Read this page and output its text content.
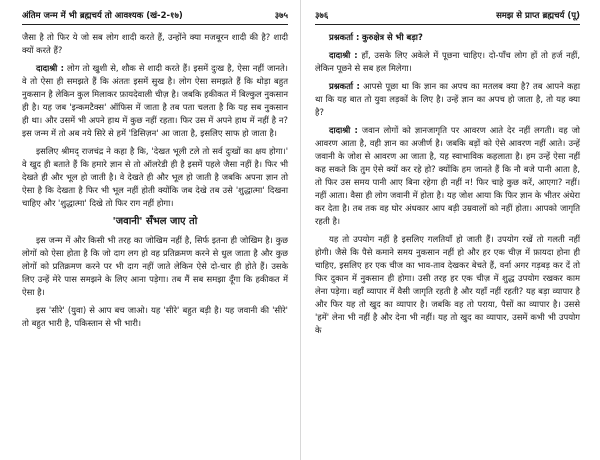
अंतिम जन्म में भी ब्रह्मचर्य तो आवश्यक (खं-2-१७)	३७५

जैसा है तो फिर ये जो सब लोग शादी करते हैं, उन्होंने क्या मजबूरन शादी की है? शादी क्यों करते हैं?

दादाश्री : लोग तो खुशी से, शौक से शादी करते हैं। इसमें दुःख है, ऐसा नहीं जानते। वे तो ऐसा ही समझते हैं कि अंततः इसमें सुख है। लोग ऐसा समझते हैं कि थोड़ा बहुत नुकसान है लेकिन कुल मिलाकर फ़ायदेवाली चीज़ है। जबकि हकीकत में बिल्कुल नुकसान ही है। यह जब 'इन्कमटैक्स' ऑफिस में जाता है तब पता चलता है कि यह सब नुकसान ही था। और उसमें भी अपने हाथ में कुछ नहीं रहता। फिर उस में अपने हाथ में नहीं है न? इस जन्म में तो अब नये सिरे से हमें 'डिसिज़न' आ जाता है, इसलिए साफ हो जाता है।

इसलिए श्रीमद् राजचंद्र ने कहा है कि, 'देखत भूली टले तो सर्व दुःखों का क्षय होगा।' वे खुद ही बताते हैं कि हमारे ज्ञान से तो ऑलरेडी ही है इसमें पहले जैसा नहीं है। फिर भी देखते ही और भूल हो जाती है। वे देखते ही और भूल हो जाती है जबकि अपना ज्ञान तो ऐसा है कि देखता है फिर भी भूल नहीं होती क्योंकि जब देखे तब उसे 'शुद्धात्मा' दिखना चाहिए और 'शुद्धात्मा' दिखे तो फिर राग नहीं होगा।

'जवानी' सँभल जाए तो

इस जन्म में और किसी भी तरह का जोखिम नहीं है, सिर्फ इतना ही जोखिम है। कुछ लोगों को ऐसा होता है कि जो दाग लग हो वह प्रतिक्रमण करने से धुल जाता है और कुछ लोगों को प्रतिक्रमण करने पर भी दाग नहीं जाते लेकिन ऐसे दो-चार ही होते हैं। उसके लिए उन्हें मेरे पास समझने के लिए आना पड़ेगा। तब मैं सब समझा दूँगा कि हकीकत में ऐसा है।

इस 'सीरे' (युवा) से आप बच जाओ। यह 'सीरे' बहुत बड़ी है। यह जवानी की 'सीरे' तो बहुत भारी है, पकिस्तान से भी भारी।

३७६	समझ से प्राप्त ब्रह्मचर्य (पू)

प्रश्नकर्ता : कुरुक्षेत्र से भी बड़ा?

दादाश्री : हाँ, उसके लिए अकेले में पूछना चाहिए। दो-पाँच लोग हों तो हर्ज नहीं, लेकिन पूछने से सब हल मिलेगा।

प्रश्नकर्ता : आपसे पूछा था कि ज्ञान का अपच का मतलब क्या है? तब आपने कहा था कि यह बात तो युवा लड़कों के लिए है। उन्हें ज्ञान का अपच हो जाता है, तो यह क्या है?

दादाश्री : जवान लोगों को ज्ञानजागृति पर आवरण आते देर नहीं लगती। वह जो आवरण आता है, वही ज्ञान का अजीर्ण है। जबकि बड़ों को ऐसे आवरण नहीं आते। उन्हें जवानी के जोश से आवरण आ जाता है, यह स्वाभाविक कहलाता है। हम उन्हें ऐसा नहीं कह सकते कि तुम ऐसे क्यों कर रहे हो? क्योंकि हम जानते हैं कि नौ बजे पानी आता है, तो फिर उस समय पानी आए बिना रहेगा ही नहीं न! फिर चाहे कुछ करें, आएगा? नहीं। नहीं आता। वैसा ही लोग जवानी में होता है। यह जोश आया कि फिर ज्ञान के भीतर अंधेरा कर देता है। तब तक वह घोर अंधकार आप बड़ी उम्रवालों को नहीं होता। आपको जागृति रहती है।

यह तो उपयोग नहीं है इसलिए गलतियाँ हो जाती हैं। उपयोग रखें तो गलती नहीं होगी। जैसे कि पैसे कमाने समय नुकसान नहीं हो और हर एक चीज़ में फ़ायदा होना ही चाहिए, इसलिए हर एक चीज का भाव-ताव देखकर बेचते हैं, वर्ना अगर गड़बड़ कर दें तो फिर दुकान में नुकसान ही होगा। उसी तरह हर एक चीज़ में शुद्ध उपयोग रखकर काम लेना पड़ेगा। वहाँ व्यापार में वैसी जागृति रहती है और यहाँ नहीं रहती? यह बड़ा व्यापार है और फिर यह तो खुद का व्यापार है। जबकि वह तो पराया, पैसों का व्यापार है। उससे 'हमें' लेना भी नहीं है और देना भी नहीं। यह तो खुद का व्यापार, उसमें कभी भी उपयोग के
